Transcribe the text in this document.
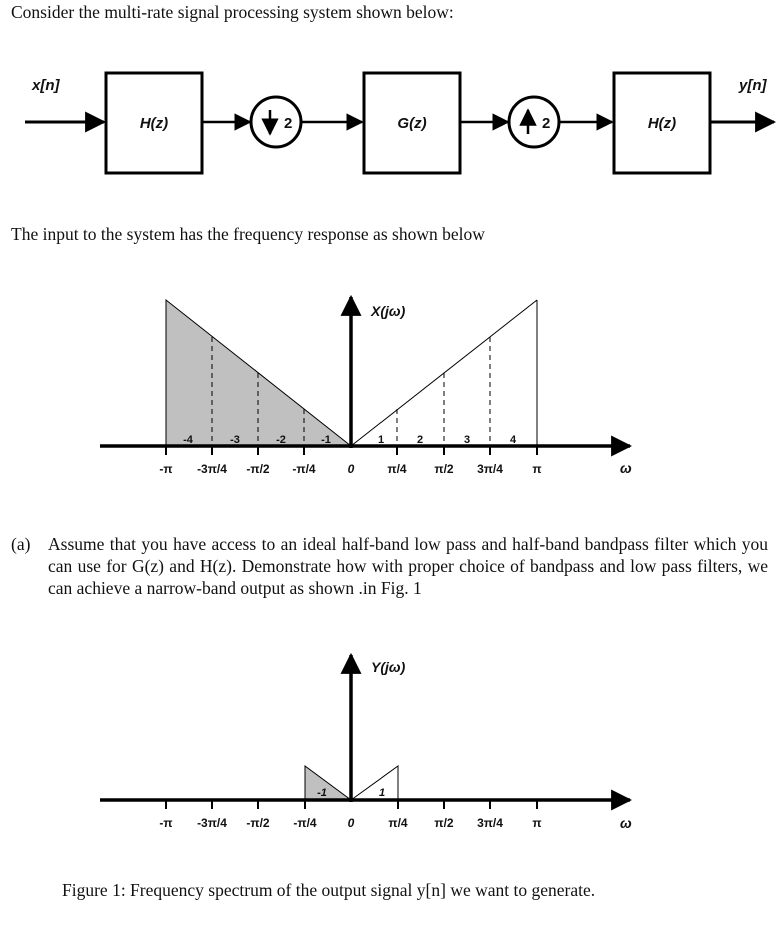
Consider the multi-rate signal processing system shown below:
x[n]
H(z)	2	G(z)	2	H(z)
y[n]
The input to the system has the frequency response as shown below
X(jω)
ω
-4	-3	-2	-1	1	2	3	4
-π -3π/4 -π/2 -π/4	0	π/4 π/2 3π/4 π
(a) Assume that you have access to an ideal half-band low pass and half-band bandpass filter which you can use for G(z) and H(z). Demonstrate how with proper choice of bandpass and low pass filters, we can achieve a narrow-band output as shown .in Fig. 1
Y(jω)
ω
-1	1
-π -3π/4 -π/2 -π/4	0	π/4 π/2 3π/4 π
Figure 1: Frequency spectrum of the output signal y[n] we want to generate.
